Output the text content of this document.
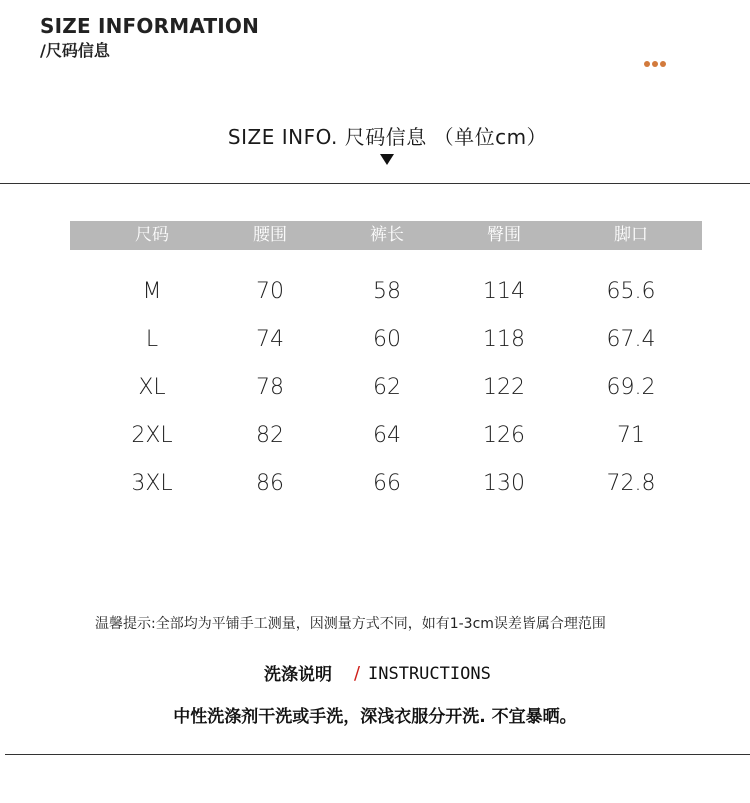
SIZE INFORMATION
/尺码信息
SIZE INFO. 尺码信息 （单位cm）
尺码	腰围	裤长	臀围	脚口
M	70	58	114	65.6
L	74	60	118	67.4
XL	78	62	122	69.2
2XL	82	64	126	71
3XL	86	66	130	72.8
温馨提示:全部均为平铺手工测量，因测量方式不同，如有1-3cm误差皆属合理范围
洗涤说明 / INSTRUCTIONS
中性洗涤剂干洗或手洗，深浅衣服分开洗. 不宜暴晒。
